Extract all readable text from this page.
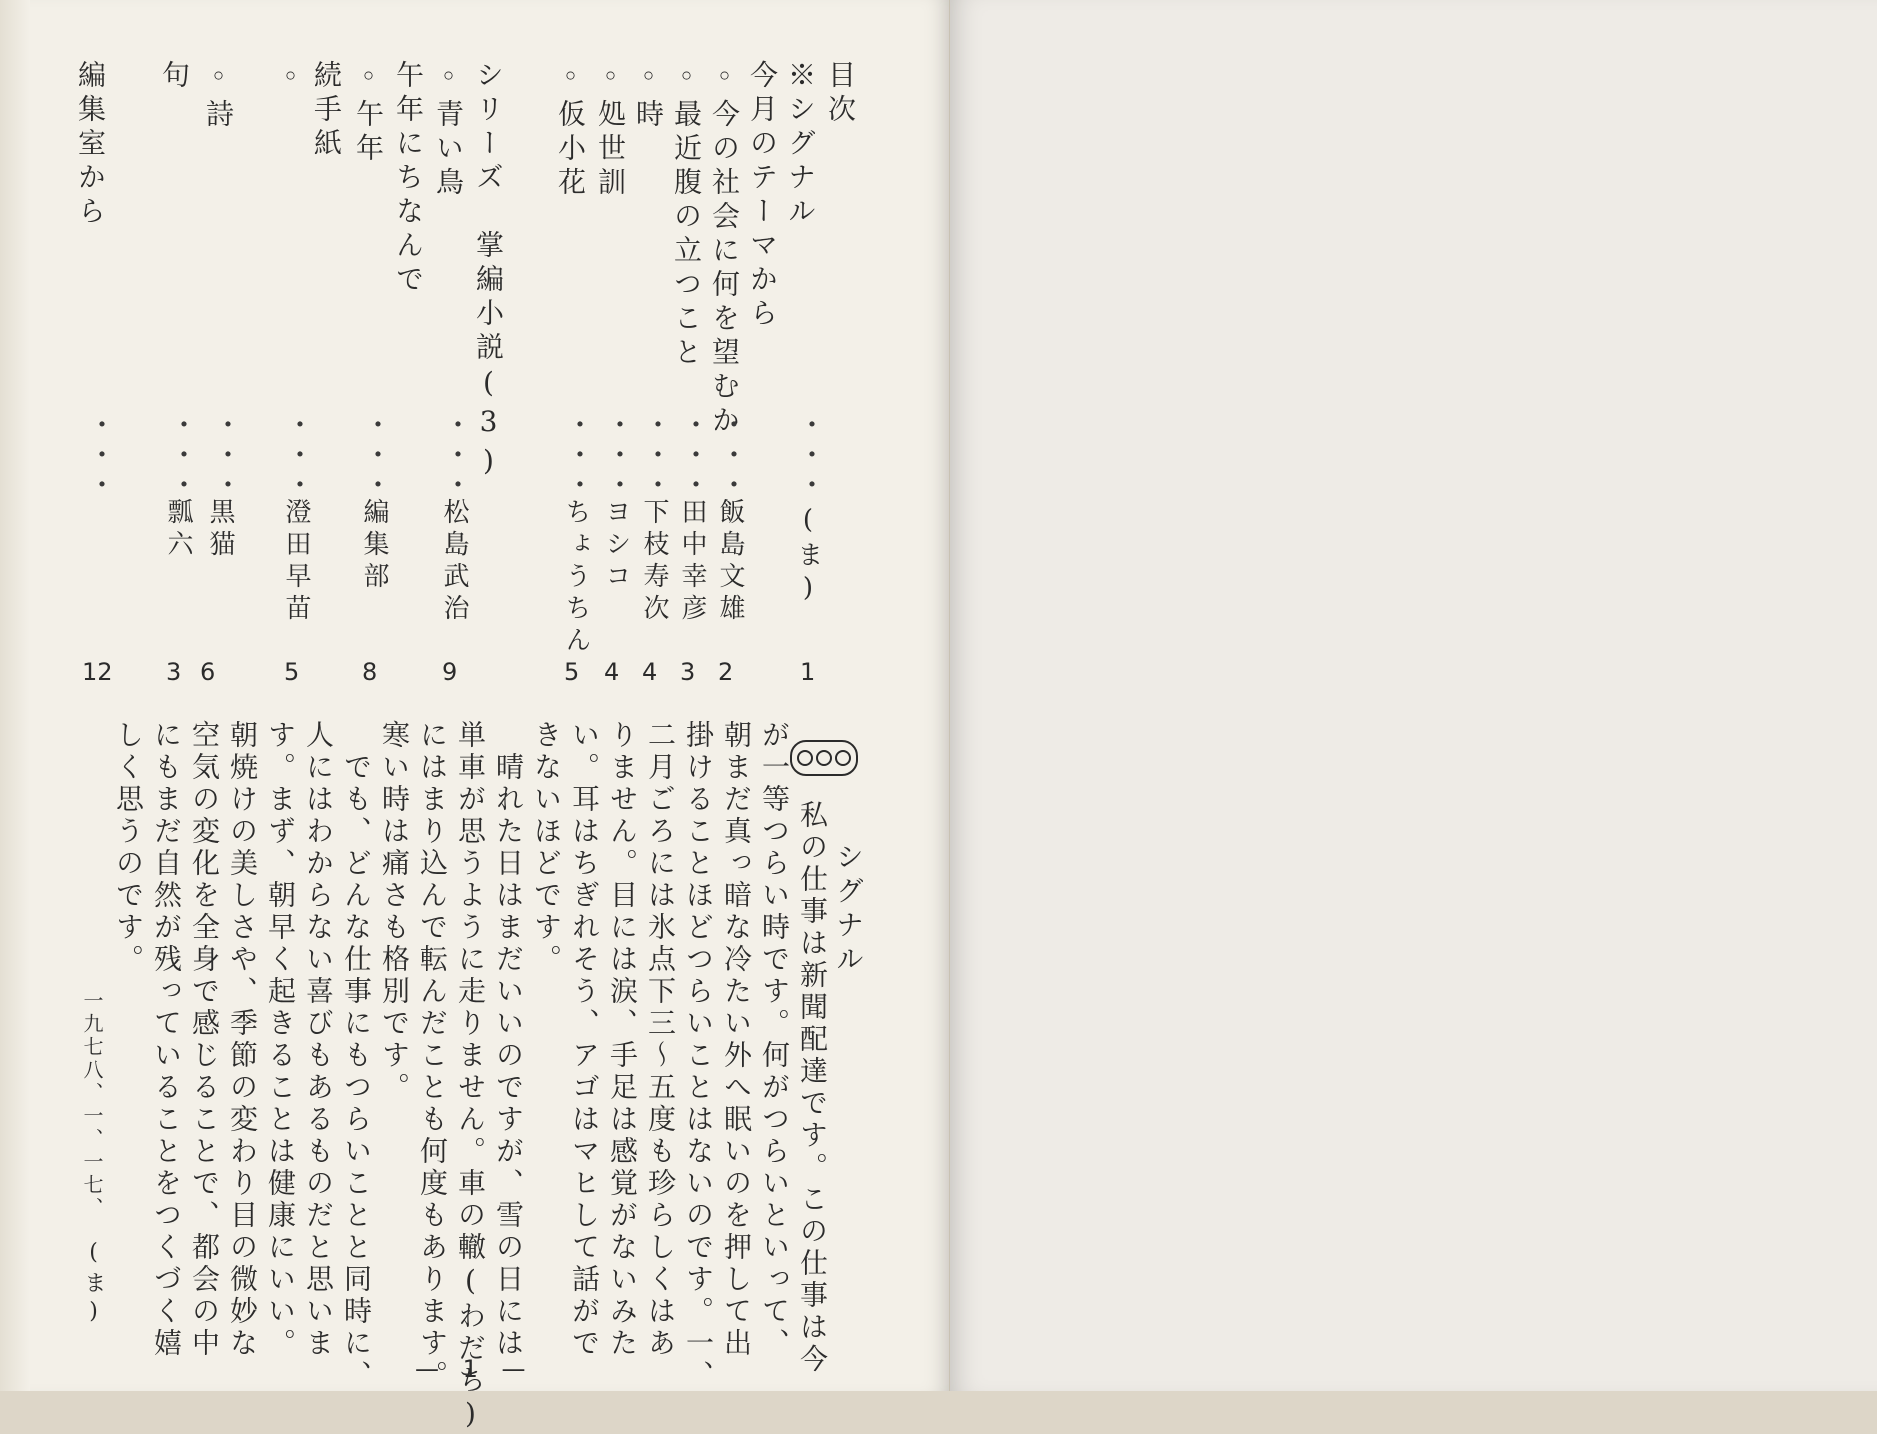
目次
※シグナル
今月のテーマから
◦今の社会に何を望むか
◦最近腹の立つこと
◦時
◦処世訓
◦仮小花
シリーズ　掌編小説(3)
◦青い鳥
午年にちなんで
◦午年
続手紙
◦
◦詩
句
編集室から
・・・
・・・
・・・
・・・
・・・
・・・
・・・
・・・
・・・
・・・
・・・
・・・
(ま)
飯島文雄
田中幸彦
下枝寿次
ヨシコ
ちょうちん
松島武治
編集部
澄田早苗
黒猫
瓢六
1
2
3
4
4
5
9
8
5
6
3
12
シグナル
私の仕事は新聞配達です。この仕事は今
が一等つらい時です。何がつらいといって、
朝まだ真っ暗な冷たい外へ眠いのを押して出
掛けることほどつらいことはないのです。一、
二月ごろには氷点下三〜五度も珍らしくはあ
りません。目には涙、手足は感覚がないみた
い。耳はちぎれそう、アゴはマヒして話がで
きないほどです。
　晴れた日はまだいいのですが、雪の日には
単車が思うように走りません。車の轍(わだち)
にはまり込んで転んだことも何度もあります。
寒い時は痛さも格別です。
　でも、どんな仕事にもつらいことと同時に、
人にはわからない喜びもあるものだと思いま
す。まず、朝早く起きることは健康にいい。
朝焼けの美しさや、季節の変わり目の微妙な
空気の変化を全身で感じることで、都会の中
にもまだ自然が残っていることをつくづく嬉
しく思うのです。
一九七八、一、一七、
(ま)
— 1 —
